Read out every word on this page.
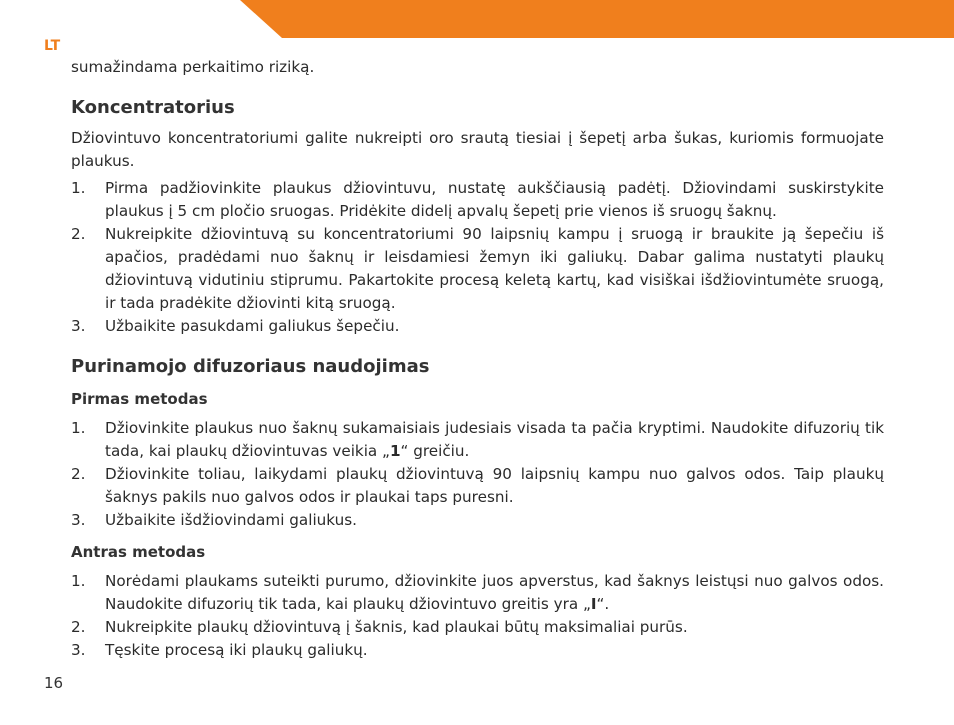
LT

sumažindama perkaitimo riziką.

Koncentratorius

Džiovintuvo koncentratoriumi galite nukreipti oro srautą tiesiai į šepetį arba šukas, kuriomis formuojate plaukus.

1. Pirma padžiovinkite plaukus džiovintuvu, nustatę aukščiausią padėtį. Džiovindami suskirstykite plaukus į 5 cm pločio sruogas. Pridėkite didelį apvalų šepetį prie vienos iš sruogų šaknų.
2. Nukreipkite džiovintuvą su koncentratoriumi 90 laipsnių kampu į sruogą ir braukite ją šepečiu iš apačios, pradėdami nuo šaknų ir leisdamiesi žemyn iki galiukų. Dabar galima nustatyti plaukų džiovintuvą vidutiniu stiprumu. Pakartokite procesą keletą kartų, kad visiškai išdžiovintumėte sruogą, ir tada pradėkite džiovinti kitą sruogą.
3. Užbaikite pasukdami galiukus šepečiu.
Purinamojo difuzoriaus naudojimas
Pirmas metodas
1. Džiovinkite plaukus nuo šaknų sukamaisiais judesiais visada ta pačia kryptimi. Naudokite difuzorių tik tada, kai plaukų džiovintuvas veikia „1“ greičiu.
2. Džiovinkite toliau, laikydami plaukų džiovintuvą 90 laipsnių kampu nuo galvos odos. Taip plaukų šaknys pakils nuo galvos odos ir plaukai taps puresni.
3. Užbaikite išdžiovindami galiukus.
Antras metodas
1. Norėdami plaukams suteikti purumo, džiovinkite juos apverstus, kad šaknys leistųsi nuo galvos odos. Naudokite difuzorių tik tada, kai plaukų džiovintuvo greitis yra „I“.
2. Nukreipkite plaukų džiovintuvą į šaknis, kad plaukai būtų maksimaliai purūs.
3. Tęskite procesą iki plaukų galiukų.
16
